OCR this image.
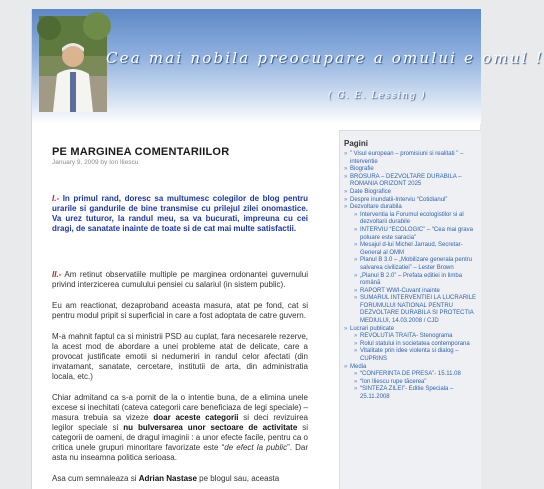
Cea mai nobila preocupare a omului e omul !
( G. E. Lessing )
PE MARGINEA COMENTARIILOR
January 9, 2009 by Ion Iliescu

I.- In primul rand, doresc sa multumesc colegilor de blog pentru urarile si gandurile de bine transmise cu prilejul zilei onomastice. Va urez tuturor, la randul meu, sa va bucurati, impreuna cu cei dragi, de sanatate inainte de toate si de cat mai multe satisfactii.

II.- Am retinut observatiile multiple pe marginea ordonantei guvernului privind interzicerea cumulului pensiei cu salariul (in sistem public).

Eu am reactionat, dezaproband aceasta masura, atat pe fond, cat si pentru modul pripit si superficial in care a fost adoptata de catre guvern.

M-a mahnit faptul ca si ministrii PSD au cuplat, fara necesarele rezerve, la acest mod de abordare a unei probleme atat de delicate, care a provocat justificate emotii si nedumeriri in randul celor afectati (din invatamant, sanatate, cercetare, institutii de arta, din administratia locala, etc.)

Chiar admitand ca s-a pornit de la o intentie buna, de a elimina unele excese si inechitati (cateva categorii care beneficiaza de legi speciale) – masura trebuia sa vizeze doar aceste categorii si deci revizuirea legilor speciale si nu bulversarea unor sectoare de activitate si categorii de oameni, de dragul imaginii : a unor efecte facile, pentru ca o critica unele grupuri minoritare favorizate este “de efect la public”. Dar asta nu inseamna politica serioasa.

Asa cum semnaleaza si Adrian Nastase pe blogul sau, aceasta

Pagini
» ” Visul european – promisiuni si realitati ” – interventie
» Biografie
» BROSURA – DEZVOLTARE DURABILA – ROMANIA ORIZONT 2025
» Date Biografice
» Despre inundatii-Interviu “Cotidianul”
» Dezvoltare durabila
» Interventia la Forumul ecologistilor si al dezvoltarii durabile
» INTERVIU “ECOLOGIC” – “Cea mai grava poluare este saracia”
» Mesajul d-lui Michel Jarraud, Secretar-General al OMM
» Planul B 3.0 – „Mobilizare generala pentru salvarea civilizatiei” – Lester Brown
» „Planul B 2.0” – Prefata editiei in limba română
» RAPORT WWI-Cuvant inainte
» SUMARUL INTERVENTIEI LA LUCRARILE FORUMULUI NATIONAL PENTRU DEZVOLTARE DURABILA SI PROTECTIA MEDIULUI, 14.03.2008 / CJD
» Lucrari publicate
» REVOLUTIA TRAITA- Stenograma
» Rolul statului in societatea contemporana
» Vitalitate prin idee violenta si dialog – CUPRINS
» Media
» “CONFERINTA DE PRESA”- 15.11.08
» “Ion Iliescu rupe tăcerea”
» “SINTEZA ZILEI”- Editie Speciala – 25.11.2008
